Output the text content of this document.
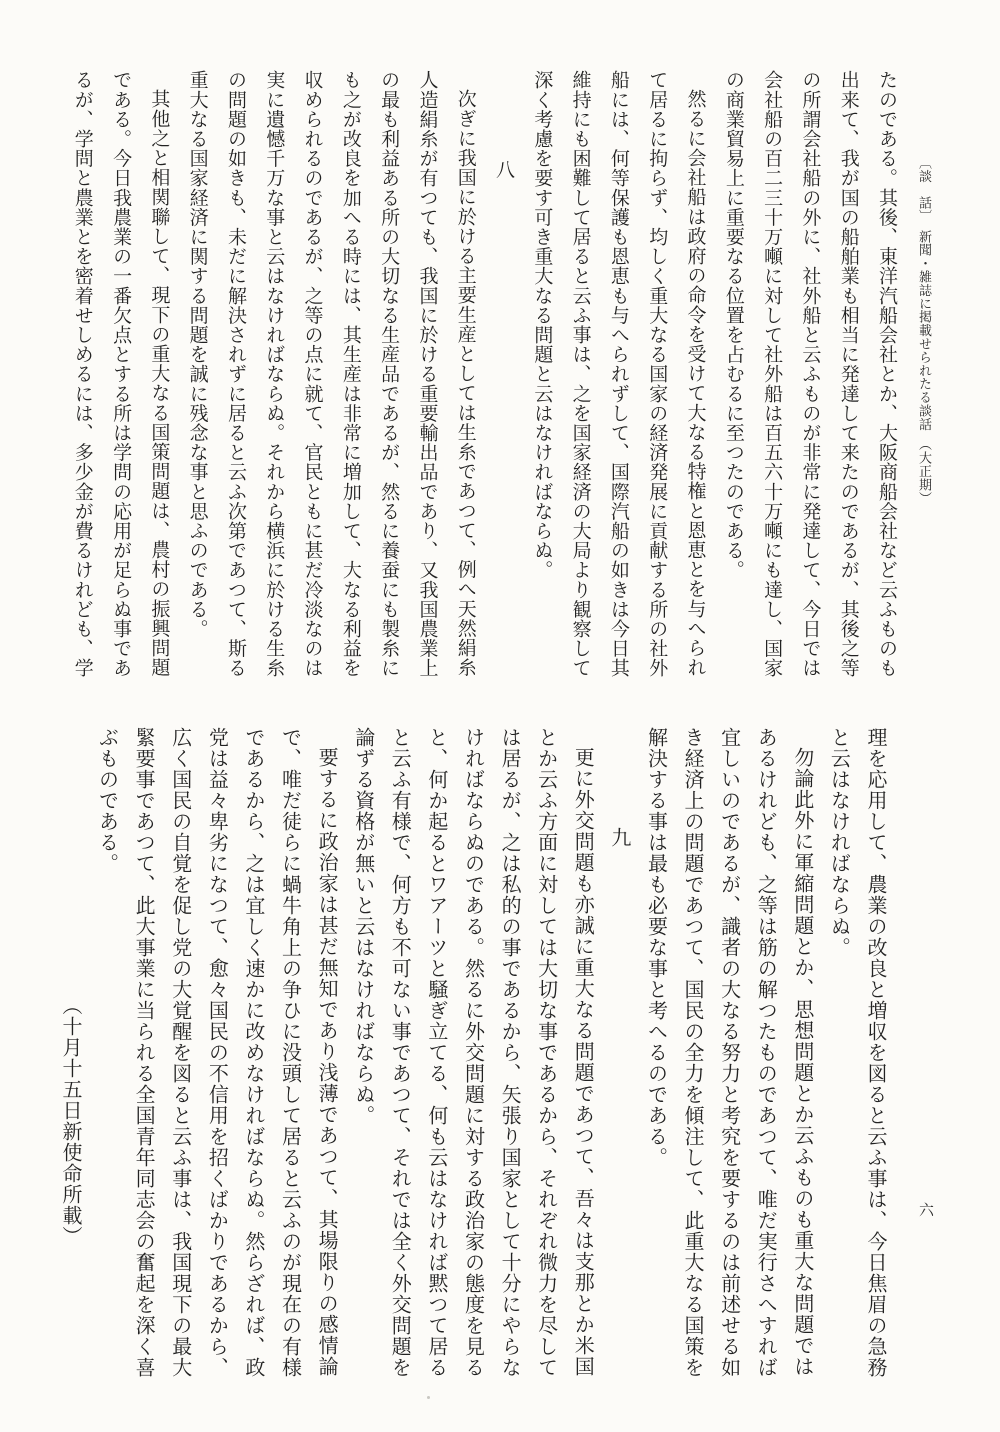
〔談　話〕　新聞・雑誌に掲載せられたる談話　（大正期）
六
たのである。其後、東洋汽船会社とか、大阪商船会社など云ふものも
出来て、我が国の船舶業も相当に発達して来たのであるが、其後之等
の所謂会社船の外に、社外船と云ふものが非常に発達して、今日では
会社船の百二三十万噸に対して社外船は百五六十万噸にも達し、国家
の商業貿易上に重要なる位置を占むるに至つたのである。
然るに会社船は政府の命令を受けて大なる特権と恩恵とを与へられ
て居るに拘らず、均しく重大なる国家の経済発展に貢献する所の社外
船には、何等保護も恩恵も与へられずして、国際汽船の如きは今日其
維持にも困難して居ると云ふ事は、之を国家経済の大局より観察して
深く考慮を要す可き重大なる問題と云はなければならぬ。
八
次ぎに我国に於ける主要生産としては生糸であつて、例へ天然絹糸
人造絹糸が有つても、我国に於ける重要輸出品であり、又我国農業上
の最も利益ある所の大切なる生産品であるが、然るに養蚕にも製糸に
も之が改良を加へる時には、其生産は非常に増加して、大なる利益を
収められるのであるが、之等の点に就て、官民ともに甚だ冷淡なのは
実に遺憾千万な事と云はなければならぬ。それから横浜に於ける生糸
の問題の如きも、未だに解決されずに居ると云ふ次第であつて、斯る
重大なる国家経済に関する問題を誠に残念な事と思ふのである。
其他之と相関聯して、現下の重大なる国策問題は、農村の振興問題
である。今日我農業の一番欠点とする所は学問の応用が足らぬ事であ
るが、学問と農業とを密着せしめるには、多少金が費るけれども、学
理を応用して、農業の改良と増収を図ると云ふ事は、今日焦眉の急務
と云はなければならぬ。
勿論此外に軍縮問題とか、思想問題とか云ふものも重大な問題では
あるけれども、之等は筋の解つたものであつて、唯だ実行さへすれば
宜しいのであるが、識者の大なる努力と考究を要するのは前述せる如
き経済上の問題であつて、国民の全力を傾注して、此重大なる国策を
解決する事は最も必要な事と考へるのである。
九
更に外交問題も亦誠に重大なる問題であつて、吾々は支那とか米国
とか云ふ方面に対しては大切な事であるから、それぞれ微力を尽して
は居るが、之は私的の事であるから、矢張り国家として十分にやらな
ければならぬのである。然るに外交問題に対する政治家の態度を見る
と、何か起るとワアーツと騒ぎ立てる、何も云はなければ黙つて居る
と云ふ有様で、何方も不可ない事であつて、それでは全く外交問題を
論ずる資格が無いと云はなければならぬ。
要するに政治家は甚だ無知であり浅薄であつて、其場限りの感情論
で、唯だ徒らに蝸牛角上の争ひに没頭して居ると云ふのが現在の有様
であるから、之は宜しく速かに改めなければならぬ。然らざれば、政
党は益々卑劣になつて、愈々国民の不信用を招くばかりであるから、
広く国民の自覚を促し党の大覚醒を図ると云ふ事は、我国現下の最大
緊要事であつて、此大事業に当られる全国青年同志会の奮起を深く喜
ぶものである。
（十月十五日新使命所載）
